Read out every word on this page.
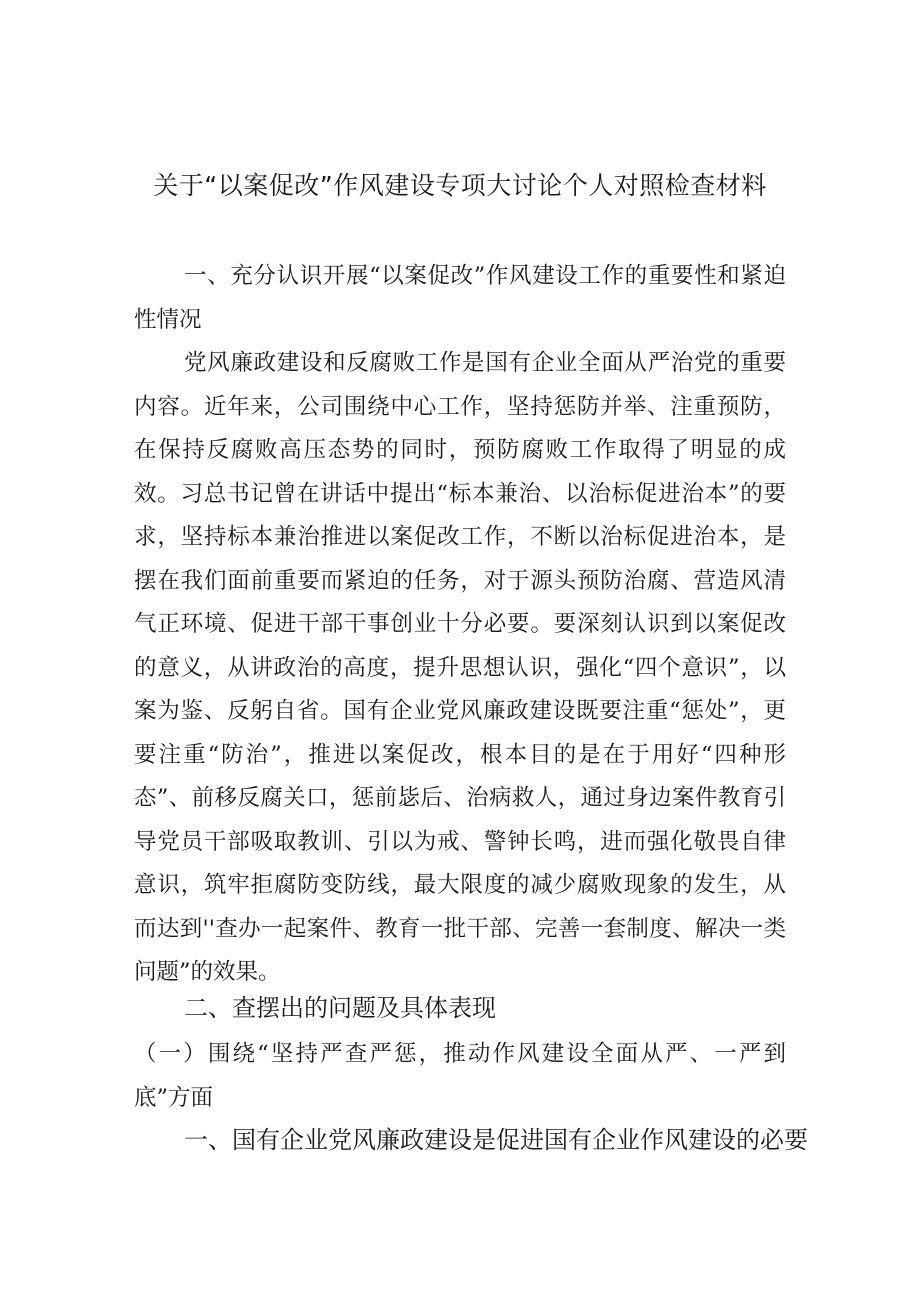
关于“以案促改”作风建设专项大讨论个人对照检查材料

一、充分认识开展“以案促改”作风建设工作的重要性和紧迫性情况

党风廉政建设和反腐败工作是国有企业全面从严治党的重要内容。近年来，公司围绕中心工作，坚持惩防并举、注重预防，在保持反腐败高压态势的同时，预防腐败工作取得了明显的成效。习总书记曾在讲话中提出“标本兼治、以治标促进治本”的要求，坚持标本兼治推进以案促改工作，不断以治标促进治本，是摆在我们面前重要而紧迫的任务，对于源头预防治腐、营造风清气正环境、促进干部干事创业十分必要。要深刻认识到以案促改的意义，从讲政治的高度，提升思想认识，强化“四个意识”，以案为鉴、反躬自省。国有企业党风廉政建设既要注重“惩处”，更要注重“防治”，推进以案促改，根本目的是在于用好“四种形态”、前移反腐关口，惩前毖后、治病救人，通过身边案件教育引导党员干部吸取教训、引以为戒、警钟长鸣，进而强化敬畏自律意识，筑牢拒腐防变防线，最大限度的减少腐败现象的发生，从而达到''查办一起案件、教育一批干部、完善一套制度、解决一类问题”的效果。

二、查摆出的问题及具体表现

（一）围绕“坚持严查严惩，推动作风建设全面从严、一严到底”方面

一、国有企业党风廉政建设是促进国有企业作风建设的必要
